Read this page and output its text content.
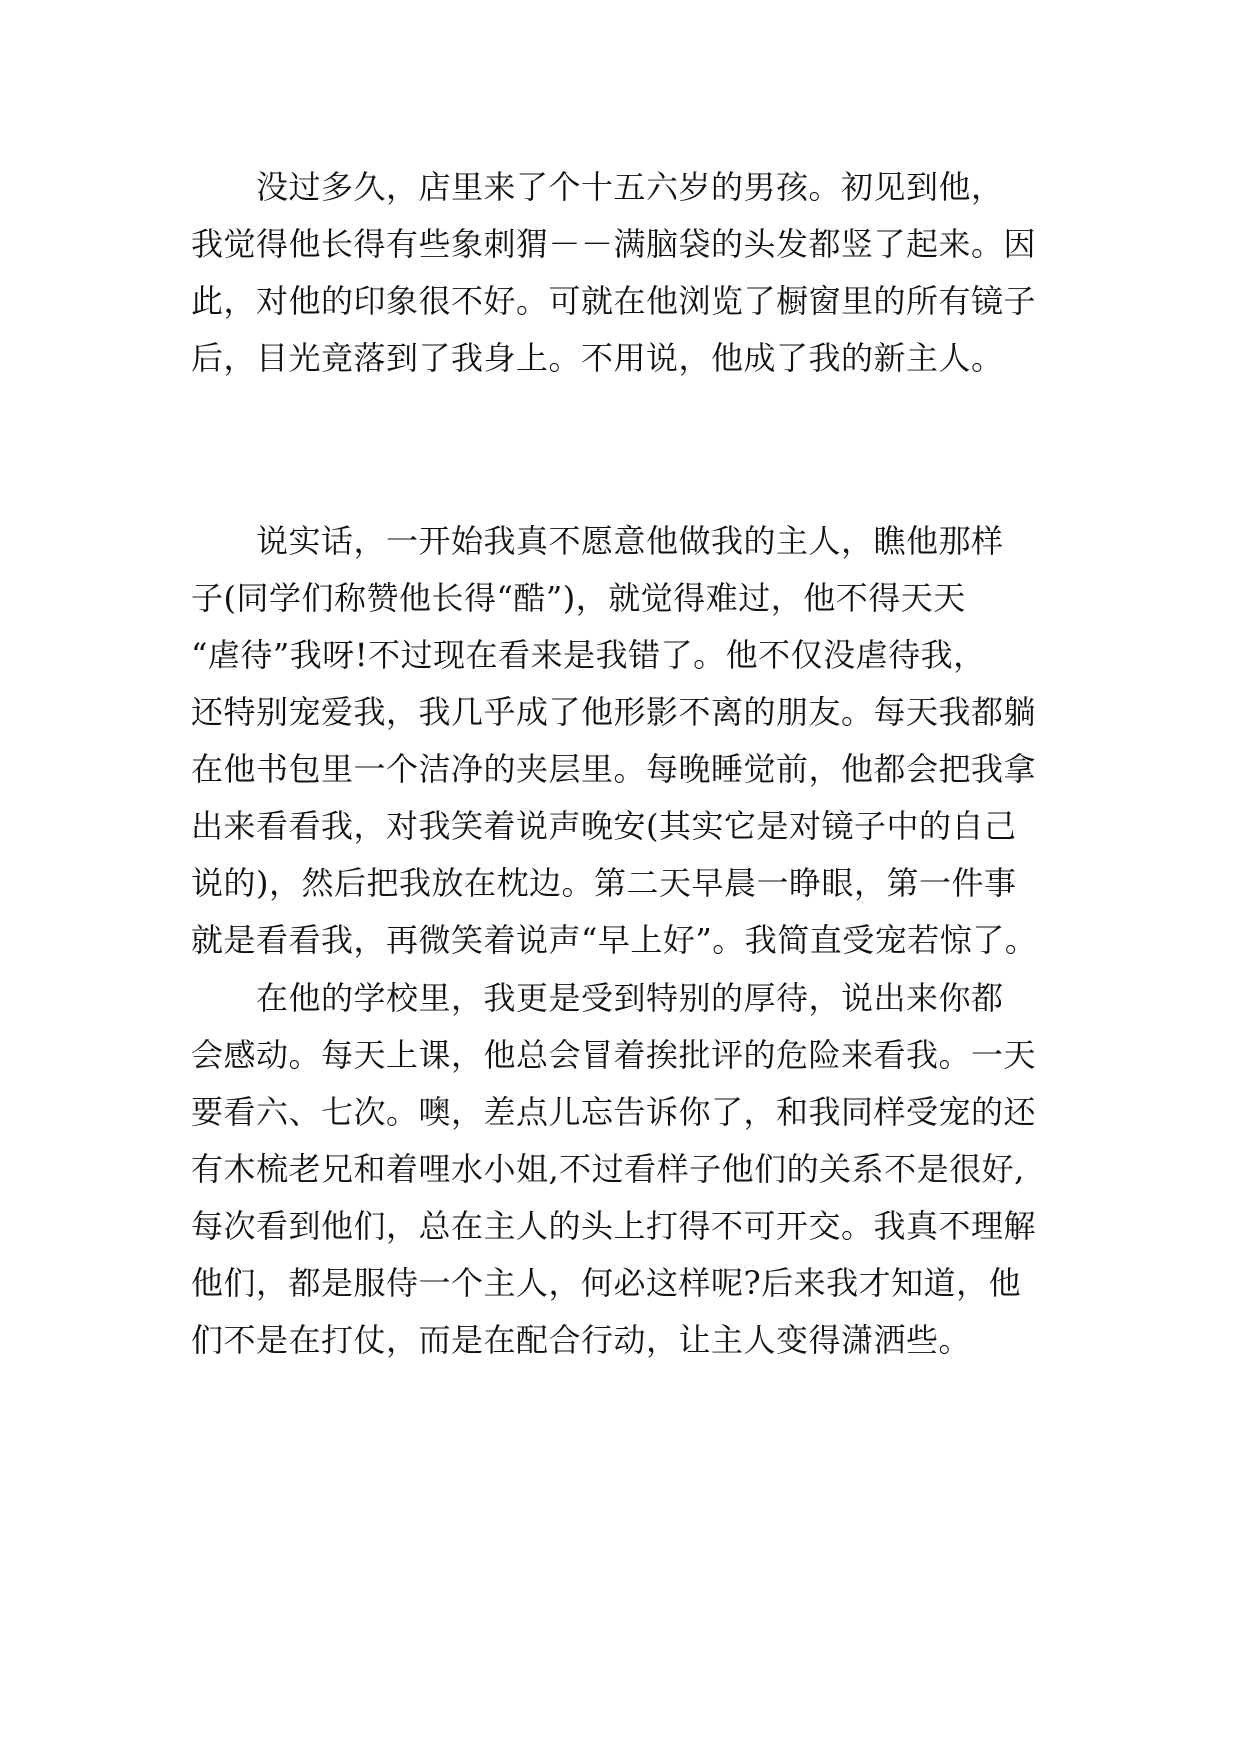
　　没过多久，店里来了个十五六岁的男孩。初见到他，
我觉得他长得有些象刺猬－－满脑袋的头发都竖了起来。因
此，对他的印象很不好。可就在他浏览了橱窗里的所有镜子
后，目光竟落到了我身上。不用说，他成了我的新主人。
　　说实话，一开始我真不愿意他做我的主人，瞧他那样
子(同学们称赞他长得“酷”)，就觉得难过，他不得天天
“虐待”我呀!不过现在看来是我错了。他不仅没虐待我，
还特别宠爱我，我几乎成了他形影不离的朋友。每天我都躺
在他书包里一个洁净的夹层里。每晚睡觉前，他都会把我拿
出来看看我，对我笑着说声晚安(其实它是对镜子中的自己
说的)，然后把我放在枕边。第二天早晨一睁眼，第一件事
就是看看我，再微笑着说声“早上好”。我简直受宠若惊了。
　　在他的学校里，我更是受到特别的厚待，说出来你都
会感动。每天上课，他总会冒着挨批评的危险来看我。一天
要看六、七次。噢，差点儿忘告诉你了，和我同样受宠的还
有木梳老兄和着哩水小姐,不过看样子他们的关系不是很好,
每次看到他们，总在主人的头上打得不可开交。我真不理解
他们，都是服侍一个主人，何必这样呢?后来我才知道，他
们不是在打仗，而是在配合行动，让主人变得潇洒些。
